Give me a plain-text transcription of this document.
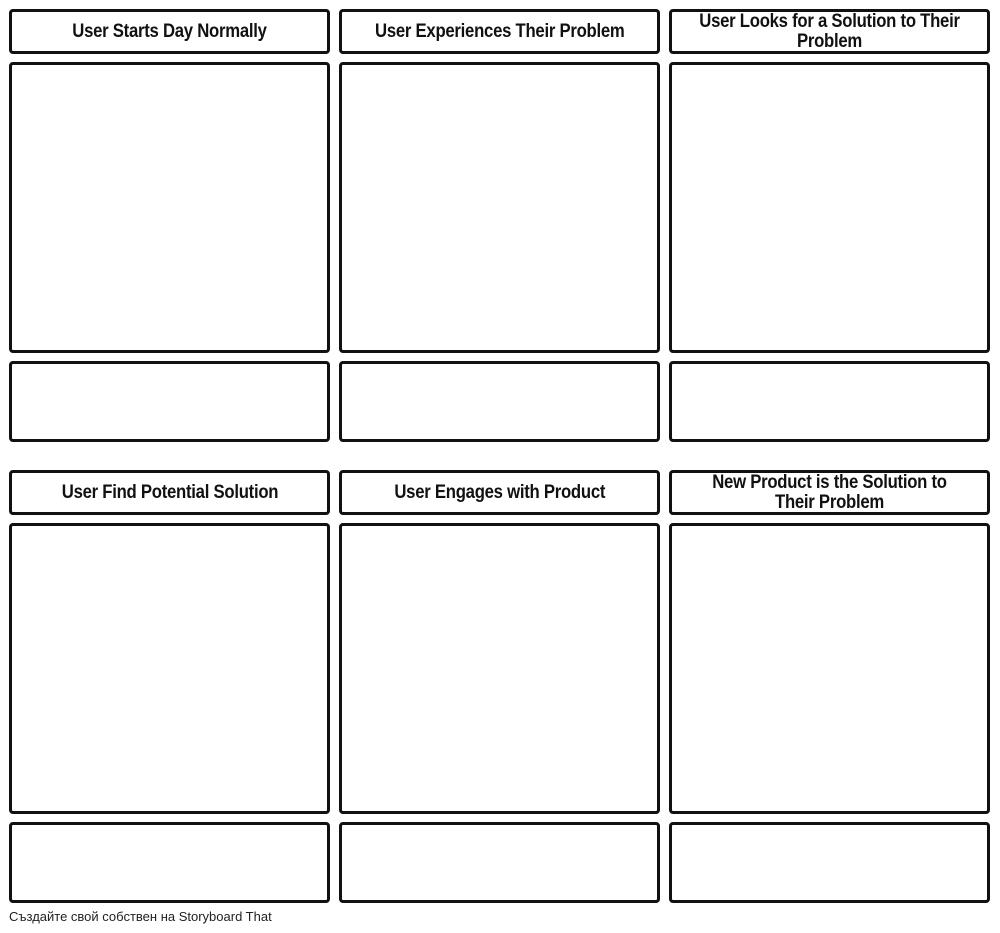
User Starts Day Normally	User Experiences Their Problem	User Looks for a Solution to Their Problem
User Find Potential Solution	User Engages with Product	New Product is the Solution to Their Problem
Създайте свой собствен на Storyboard That
